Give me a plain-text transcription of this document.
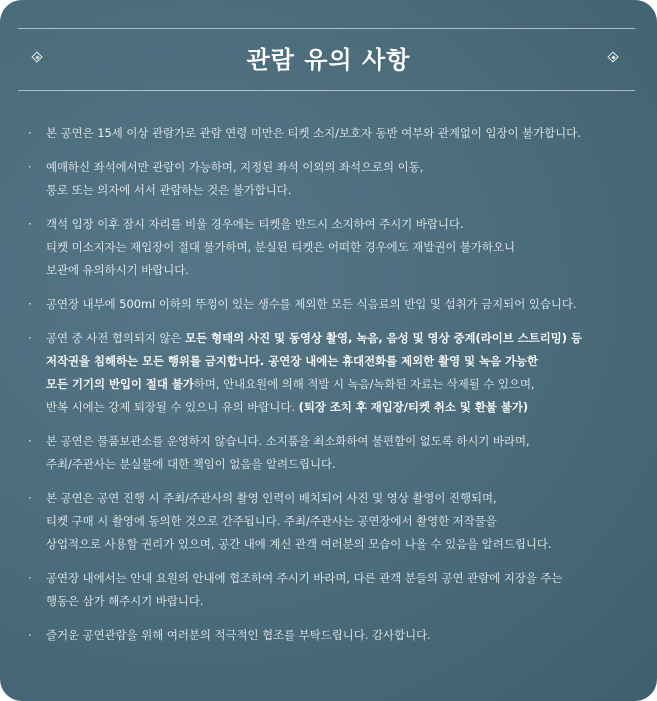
관람 유의 사항
· 본 공연은 15세 이상 관람가로 관람 연령 미만은 티켓 소지/보호자 동반 여부와 관계없이 입장이 불가합니다.
· 예매하신 좌석에서만 관람이 가능하며, 지정된 좌석 이외의 좌석으로의 이동,
통로 또는 의자에 서서 관람하는 것은 불가합니다.
· 객석 입장 이후 잠시 자리를 비울 경우에는 티켓을 반드시 소지하여 주시기 바랍니다.
티켓 미소지자는 재입장이 절대 불가하며, 분실된 티켓은 어떠한 경우에도 재발권이 불가하오니
보관에 유의하시기 바랍니다.
· 공연장 내부에 500ml 이하의 뚜껑이 있는 생수를 제외한 모든 식음료의 반입 및 섭취가 금지되어 있습니다.
· 공연 중 사전 협의되지 않은 모든 형태의 사진 및 동영상 촬영, 녹음, 음성 및 영상 중계(라이브 스트리밍) 등
저작권을 침해하는 모든 행위를 금지합니다. 공연장 내에는 휴대전화를 제외한 촬영 및 녹음 가능한
모든 기기의 반입이 절대 불가하며, 안내요원에 의해 적발 시 녹음/녹화된 자료는 삭제될 수 있으며,
반복 시에는 강제 퇴장될 수 있으니 유의 바랍니다. (퇴장 조치 후 재입장/티켓 취소 및 환불 불가)
· 본 공연은 물품보관소를 운영하지 않습니다. 소지품을 최소화하여 불편함이 없도록 하시기 바라며,
주최/주관사는 분실물에 대한 책임이 없음을 알려드립니다.
· 본 공연은 공연 진행 시 주최/주관사의 촬영 인력이 배치되어 사진 및 영상 촬영이 진행되며,
티켓 구매 시 촬영에 동의한 것으로 간주됩니다. 주최/주관사는 공연장에서 촬영한 저작물을
상업적으로 사용할 권리가 있으며, 공간 내에 계신 관객 여러분의 모습이 나올 수 있음을 알려드립니다.
· 공연장 내에서는 안내 요원의 안내에 협조하여 주시기 바라며, 다른 관객 분들의 공연 관람에 지장을 주는
행동은 삼가 해주시기 바랍니다.
· 즐거운 공연관람을 위해 여러분의 적극적인 협조를 부탁드립니다. 감사합니다.
